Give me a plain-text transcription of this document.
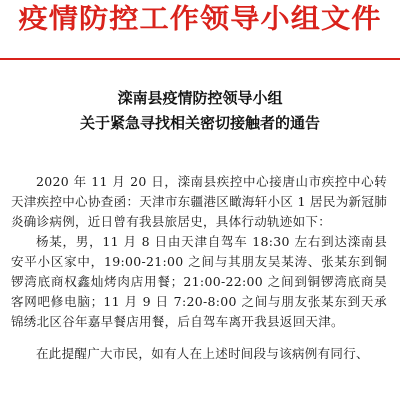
疫情防控工作领导小组文件
滦南县疫情防控领导小组
关于紧急寻找相关密切接触者的通告

2020 年 11 月 20 日，滦南县疾控中心接唐山市疾控中心转天津疾控中心协查函：天津市东疆港区瞰海轩小区 1 居民为新冠肺炎确诊病例，近日曾有我县旅居史，具体行动轨迹如下：

杨某，男，11 月 8 日由天津自驾车 18:30 左右到达滦南县安平小区家中，19:00-21:00 之间与其朋友吴某涛、张某东到铜锣湾底商权鑫灿烤肉店用餐；21:00-22:00 之间到铜锣湾底商昊客网吧修电脑；11 月 9 日 7:20-8:00 之间与朋友张某东到天承锦绣北区谷年嘉早餐店用餐，后自驾车离开我县返回天津。

在此提醒广大市民，如有人在上述时间段与该病例有同行、
